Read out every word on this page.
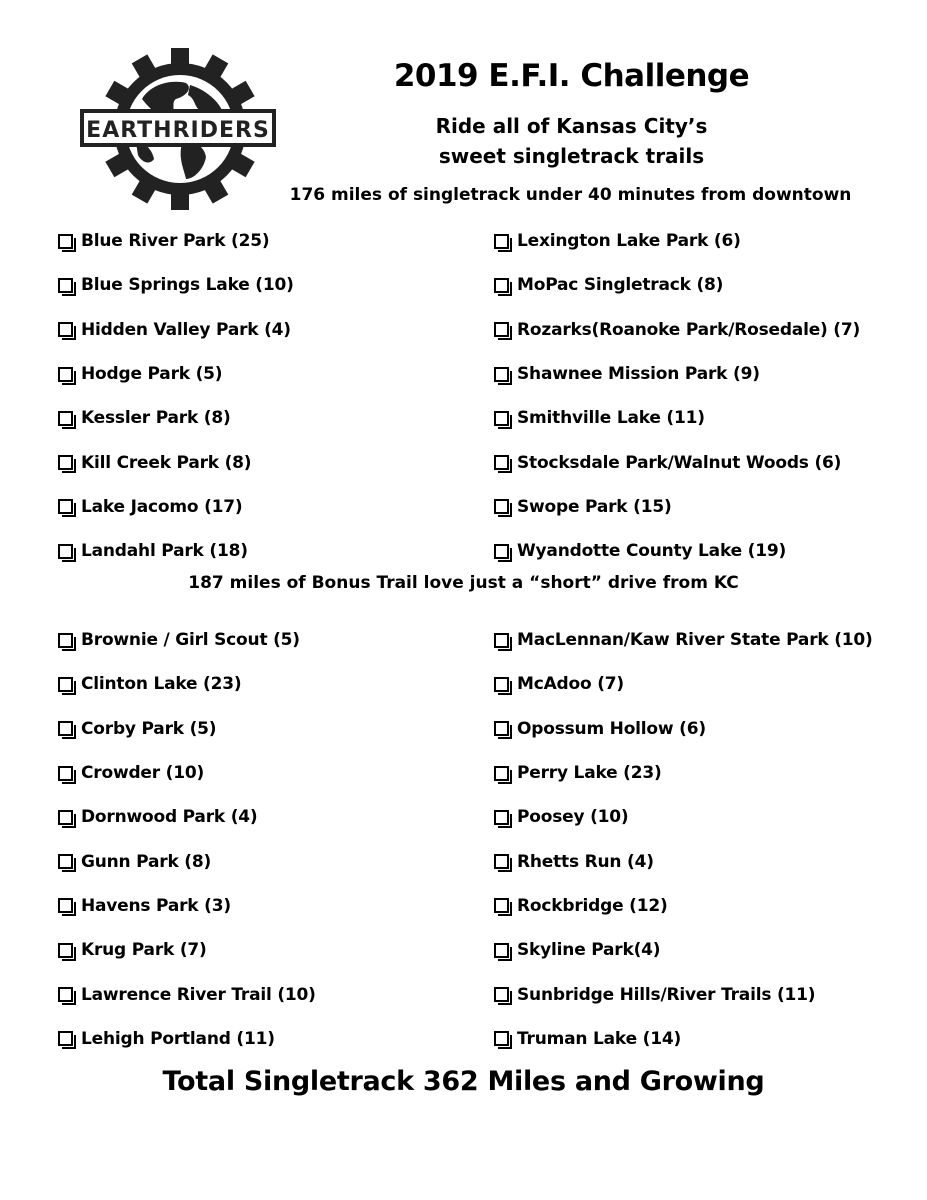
EARTHRIDERS
2019 E.F.I. Challenge
Ride all of Kansas City’s
sweet singletrack trails
176 miles of singletrack under 40 minutes from downtown
Blue River Park (25)
Blue Springs Lake (10)
Hidden Valley Park (4)
Hodge Park (5)
Kessler Park (8)
Kill Creek Park (8)
Lake Jacomo (17)
Landahl Park (18)
Lexington Lake Park (6)
MoPac Singletrack (8)
Rozarks(Roanoke Park/Rosedale) (7)
Shawnee Mission Park (9)
Smithville Lake (11)
Stocksdale Park/Walnut Woods (6)
Swope Park (15)
Wyandotte County Lake (19)
187 miles of Bonus Trail love just a “short” drive from KC
Brownie / Girl Scout (5)
Clinton Lake (23)
Corby Park (5)
Crowder (10)
Dornwood Park (4)
Gunn Park (8)
Havens Park (3)
Krug Park (7)
Lawrence River Trail (10)
Lehigh Portland (11)
MacLennan/Kaw River State Park (10)
McAdoo (7)
Opossum Hollow (6)
Perry Lake (23)
Poosey (10)
Rhetts Run (4)
Rockbridge (12)
Skyline Park(4)
Sunbridge Hills/River Trails (11)
Truman Lake (14)
Total Singletrack 362 Miles and Growing
